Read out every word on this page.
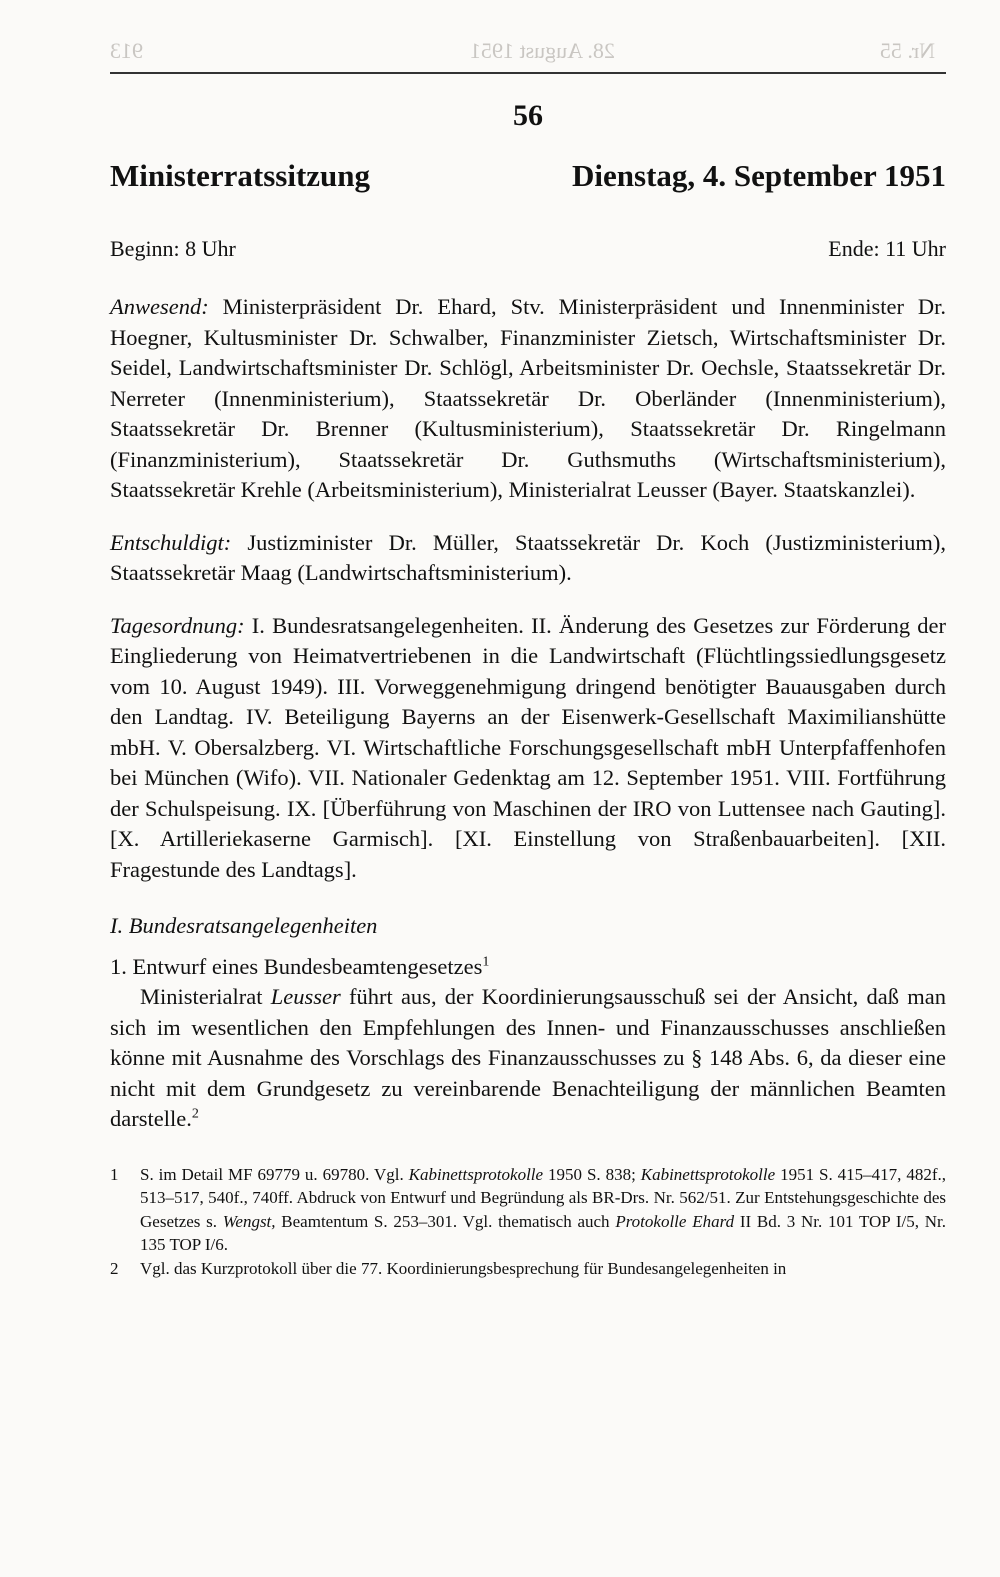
913	28. August 1951	Nr. 55
56
Ministerratssitzung	Dienstag, 4. September 1951
Beginn: 8 Uhr	Ende: 11 Uhr

Anwesend: Ministerpräsident Dr. Ehard, Stv. Ministerpräsident und Innenminister Dr. Hoegner, Kultusminister Dr. Schwalber, Finanzminister Zietsch, Wirtschaftsminister Dr. Seidel, Landwirtschaftsminister Dr. Schlögl, Arbeitsminister Dr. Oechsle, Staatssekretär Dr. Nerreter (Innenministerium), Staatssekretär Dr. Oberländer (Innenministerium), Staatssekretär Dr. Brenner (Kultusministerium), Staatssekretär Dr. Ringelmann (Finanzministerium), Staatssekretär Dr. Guthsmuths (Wirtschaftsministerium), Staatssekretär Krehle (Arbeitsministerium), Ministerialrat Leusser (Bayer. Staatskanzlei).

Entschuldigt: Justizminister Dr. Müller, Staatssekretär Dr. Koch (Justizministerium), Staatssekretär Maag (Landwirtschaftsministerium).

Tagesordnung: I. Bundesratsangelegenheiten. II. Änderung des Gesetzes zur Förderung der Eingliederung von Heimatvertriebenen in die Landwirtschaft (Flüchtlingssiedlungsgesetz vom 10. August 1949). III. Vorweggenehmigung dringend benötigter Bauausgaben durch den Landtag. IV. Beteiligung Bayerns an der Eisenwerk-Gesellschaft Maximilianshütte mbH. V. Obersalzberg. VI. Wirtschaftliche Forschungsgesellschaft mbH Unterpfaffenhofen bei München (Wifo). VII. Nationaler Gedenktag am 12. September 1951. VIII. Fortführung der Schulspeisung. IX. [Überführung von Maschinen der IRO von Luttensee nach Gauting]. [X. Artilleriekaserne Garmisch]. [XI. Einstellung von Straßenbauarbeiten]. [XII. Fragestunde des Landtags].

I. Bundesratsangelegenheiten
1. Entwurf eines Bundesbeamtengesetzes$^1$

Ministerialrat Leusser führt aus, der Koordinierungsausschuß sei der Ansicht, daß man sich im wesentlichen den Empfehlungen des Innen- und Finanzausschusses anschließen könne mit Ausnahme des Vorschlags des Finanzausschusses zu § 148 Abs. 6, da dieser eine nicht mit dem Grundgesetz zu vereinbarende Benachteiligung der männlichen Beamten darstelle.$^2$

1	S. im Detail MF 69779 u. 69780. Vgl. Kabinettsprotokolle 1950 S. 838; Kabinettsprotokolle 1951 S. 415–417, 482f., 513–517, 540f., 740ff. Abdruck von Entwurf und Begründung als BR-Drs. Nr. 562/51. Zur Entstehungsgeschichte des Gesetzes s. Wengst, Beamtentum S. 253–301. Vgl. thematisch auch Protokolle Ehard II Bd. 3 Nr. 101 TOP I/5, Nr. 135 TOP I/6.
2	Vgl. das Kurzprotokoll über die 77. Koordinierungsbesprechung für Bundesangelegenheiten in
